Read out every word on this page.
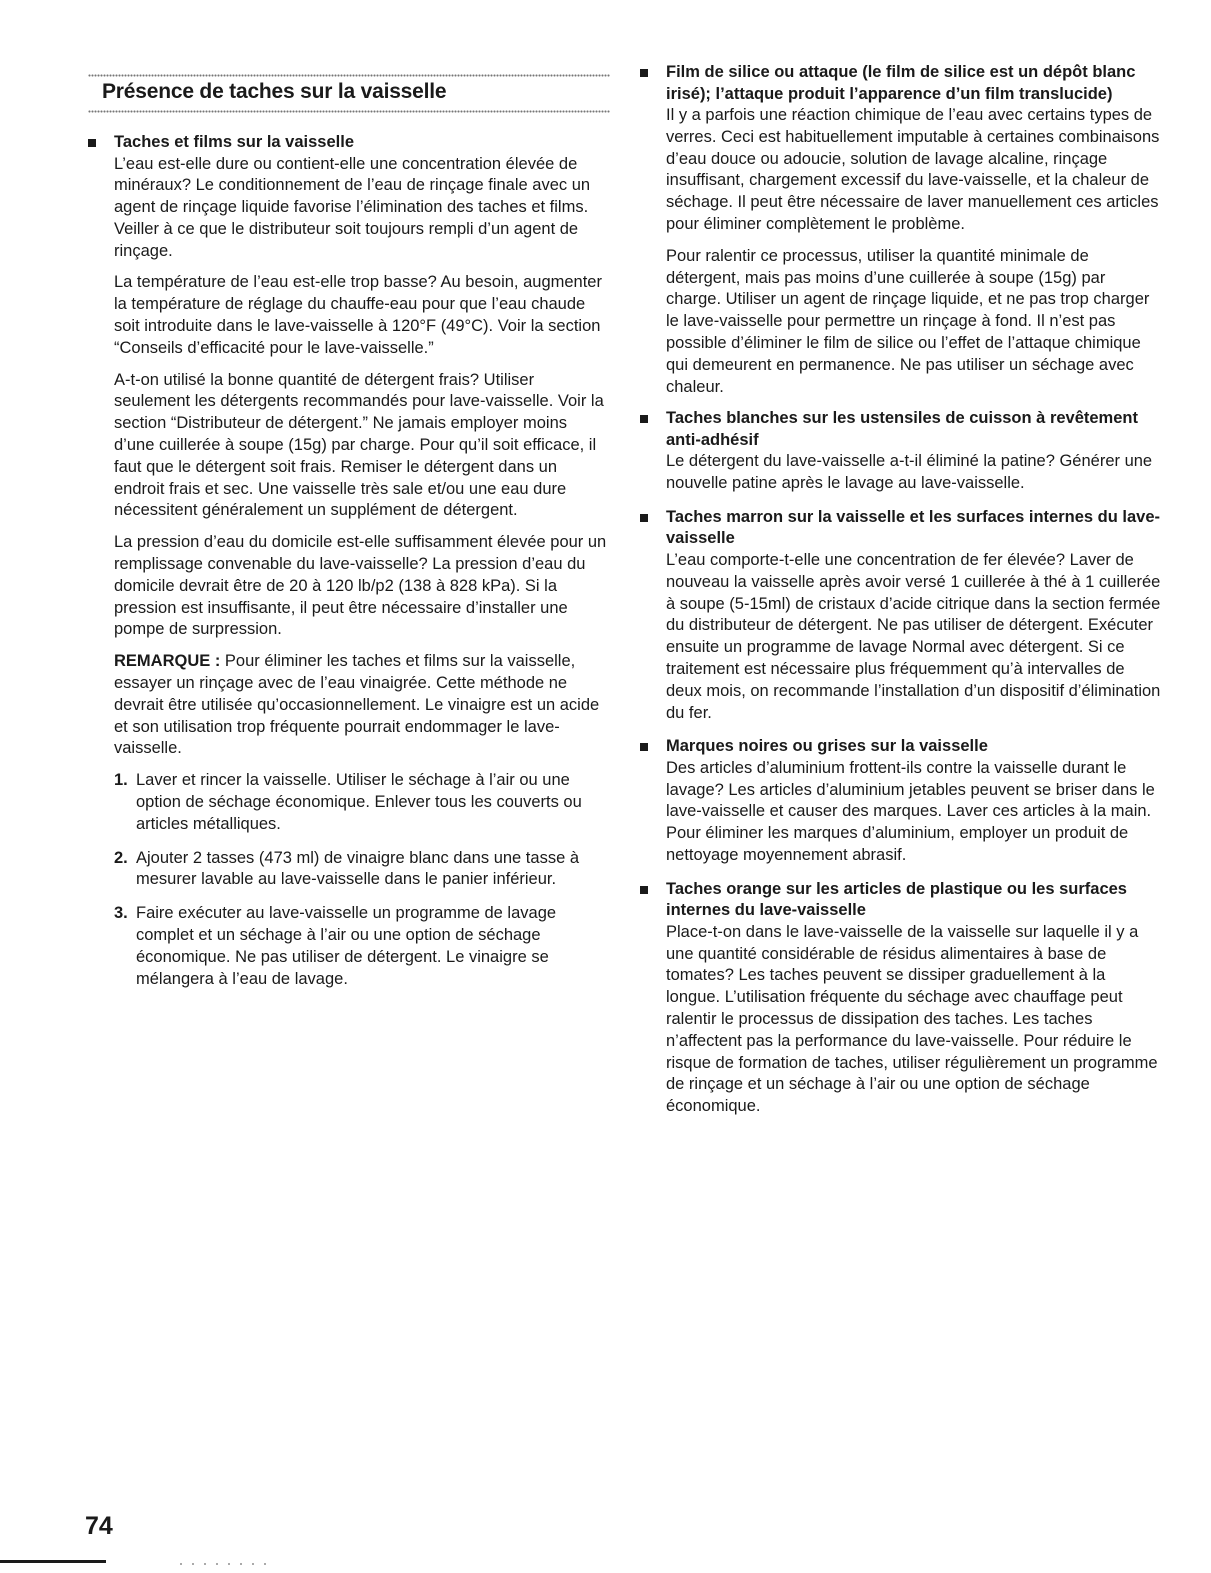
Présence de taches sur la vaisselle

Taches et films sur la vaisselle

L’eau est-elle dure ou contient-elle une concentration élevée de minéraux? Le conditionnement de l’eau de rinçage finale avec un agent de rinçage liquide favorise l’élimination des taches et films. Veiller à ce que le distributeur soit toujours rempli d’un agent de rinçage.

La température de l’eau est-elle trop basse? Au besoin, augmenter la température de réglage du chauffe-eau pour que l’eau chaude soit introduite dans le lave-vaisselle à 120°F (49°C). Voir la section “Conseils d’efficacité pour le lave-vaisselle.”

A-t-on utilisé la bonne quantité de détergent frais? Utiliser seulement les détergents recommandés pour lave-vaisselle. Voir la section “Distributeur de détergent.” Ne jamais employer moins d’une cuillerée à soupe (15g) par charge. Pour qu’il soit efficace, il faut que le détergent soit frais. Remiser le détergent dans un endroit frais et sec. Une vaisselle très sale et/ou une eau dure nécessitent généralement un supplément de détergent.

La pression d’eau du domicile est-elle suffisamment élevée pour un remplissage convenable du lave-vaisselle? La pression d’eau du domicile devrait être de 20 à 120 lb/p2 (138 à 828 kPa). Si la pression est insuffisante, il peut être nécessaire d’installer une pompe de surpression.

REMARQUE : Pour éliminer les taches et films sur la vaisselle, essayer un rinçage avec de l’eau vinaigrée. Cette méthode ne devrait être utilisée qu’occasionnellement. Le vinaigre est un acide et son utilisation trop fréquente pourrait endommager le lave-vaisselle.

1. Laver et rincer la vaisselle. Utiliser le séchage à l’air ou une option de séchage économique. Enlever tous les couverts ou articles métalliques.
2. Ajouter 2 tasses (473 ml) de vinaigre blanc dans une tasse à mesurer lavable au lave-vaisselle dans le panier inférieur.
3. Faire exécuter au lave-vaisselle un programme de lavage complet et un séchage à l’air ou une option de séchage économique. Ne pas utiliser de détergent. Le vinaigre se mélangera à l’eau de lavage.

Film de silice ou attaque (le film de silice est un dépôt blanc irisé); l’attaque produit l’apparence d’un film translucide)

Il y a parfois une réaction chimique de l’eau avec certains types de verres. Ceci est habituellement imputable à certaines combinaisons d’eau douce ou adoucie, solution de lavage alcaline, rinçage insuffisant, chargement excessif du lave-vaisselle, et la chaleur de séchage. Il peut être nécessaire de laver manuellement ces articles pour éliminer complètement le problème.

Pour ralentir ce processus, utiliser la quantité minimale de détergent, mais pas moins d’une cuillerée à soupe (15g) par charge. Utiliser un agent de rinçage liquide, et ne pas trop charger le lave-vaisselle pour permettre un rinçage à fond. Il n’est pas possible d’éliminer le film de silice ou l’effet de l’attaque chimique qui demeurent en permanence. Ne pas utiliser un séchage avec chaleur.

Taches blanches sur les ustensiles de cuisson à revêtement anti-adhésif

Le détergent du lave-vaisselle a-t-il éliminé la patine? Générer une nouvelle patine après le lavage au lave-vaisselle.

Taches marron sur la vaisselle et les surfaces internes du lave-vaisselle

L’eau comporte-t-elle une concentration de fer élevée? Laver de nouveau la vaisselle après avoir versé 1 cuillerée à thé à 1 cuillerée à soupe (5-15ml) de cristaux d’acide citrique dans la section fermée du distributeur de détergent. Ne pas utiliser de détergent. Exécuter ensuite un programme de lavage Normal avec détergent. Si ce traitement est nécessaire plus fréquemment qu’à intervalles de deux mois, on recommande l’installation d’un dispositif d’élimination du fer.

Marques noires ou grises sur la vaisselle

Des articles d’aluminium frottent-ils contre la vaisselle durant le lavage? Les articles d’aluminium jetables peuvent se briser dans le lave-vaisselle et causer des marques. Laver ces articles à la main. Pour éliminer les marques d’aluminium, employer un produit de nettoyage moyennement abrasif.

Taches orange sur les articles de plastique ou les surfaces internes du lave-vaisselle

Place-t-on dans le lave-vaisselle de la vaisselle sur laquelle il y a une quantité considérable de résidus alimentaires à base de tomates? Les taches peuvent se dissiper graduellement à la longue. L’utilisation fréquente du séchage avec chauffage peut ralentir le processus de dissipation des taches. Les taches n’affectent pas la performance du lave-vaisselle. Pour réduire le risque de formation de taches, utiliser régulièrement un programme de rinçage et un séchage à l’air ou une option de séchage économique.

74
